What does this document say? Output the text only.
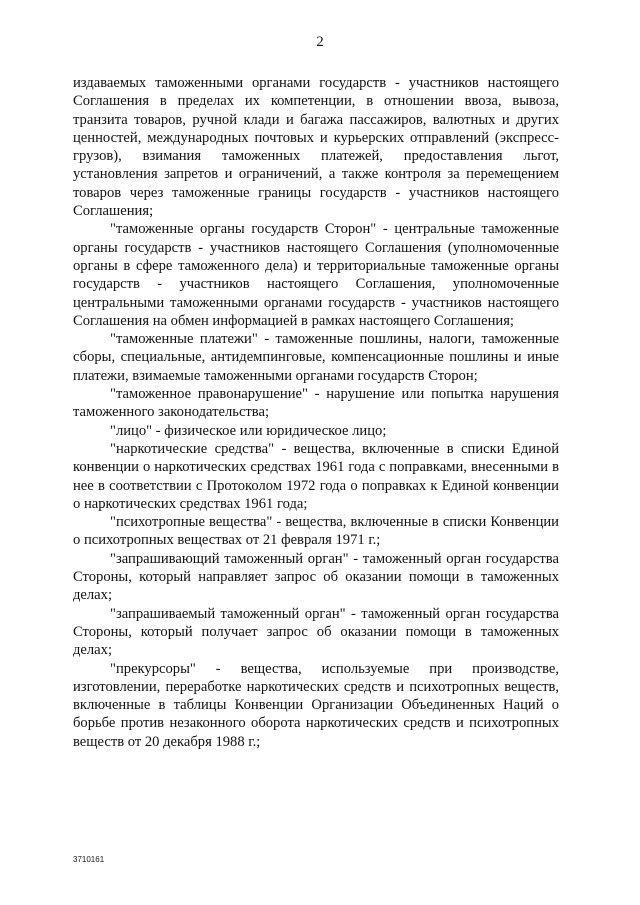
2

издаваемых таможенными органами государств - участников настоящего Соглашения в пределах их компетенции, в отношении ввоза, вывоза, транзита товаров, ручной клади и багажа пассажиров, валютных и других ценностей, международных почтовых и курьерских отправлений (экспресс-грузов), взимания таможенных платежей, предоставления льгот, установления запретов и ограничений, а также контроля за перемещением товаров через таможенные границы государств - участников настоящего Соглашения;

"таможенные органы государств Сторон" - центральные таможенные органы государств - участников настоящего Соглашения (уполномоченные органы в сфере таможенного дела) и территориальные таможенные органы государств - участников настоящего Соглашения, уполномоченные центральными таможенными органами государств - участников настоящего Соглашения на обмен информацией в рамках настоящего Соглашения;

"таможенные платежи" - таможенные пошлины, налоги, таможенные сборы, специальные, антидемпинговые, компенсационные пошлины и иные платежи, взимаемые таможенными органами государств Сторон;

"таможенное правонарушение" - нарушение или попытка нарушения таможенного законодательства;

"лицо" - физическое или юридическое лицо;

"наркотические средства" - вещества, включенные в списки Единой конвенции о наркотических средствах 1961 года с поправками, внесенными в нее в соответствии с Протоколом 1972 года о поправках к Единой конвенции о наркотических средствах 1961 года;

"психотропные вещества" - вещества, включенные в списки Конвенции о психотропных веществах от 21 февраля 1971 г.;

"запрашивающий таможенный орган" - таможенный орган государства Стороны, который направляет запрос об оказании помощи в таможенных делах;

"запрашиваемый таможенный орган" - таможенный орган государства Стороны, который получает запрос об оказании помощи в таможенных делах;

"прекурсоры" - вещества, используемые при производстве, изготовлении, переработке наркотических средств и психотропных веществ, включенные в таблицы Конвенции Организации Объединенных Наций о борьбе против незаконного оборота наркотических средств и психотропных веществ от 20 декабря 1988 г.;

3710161
